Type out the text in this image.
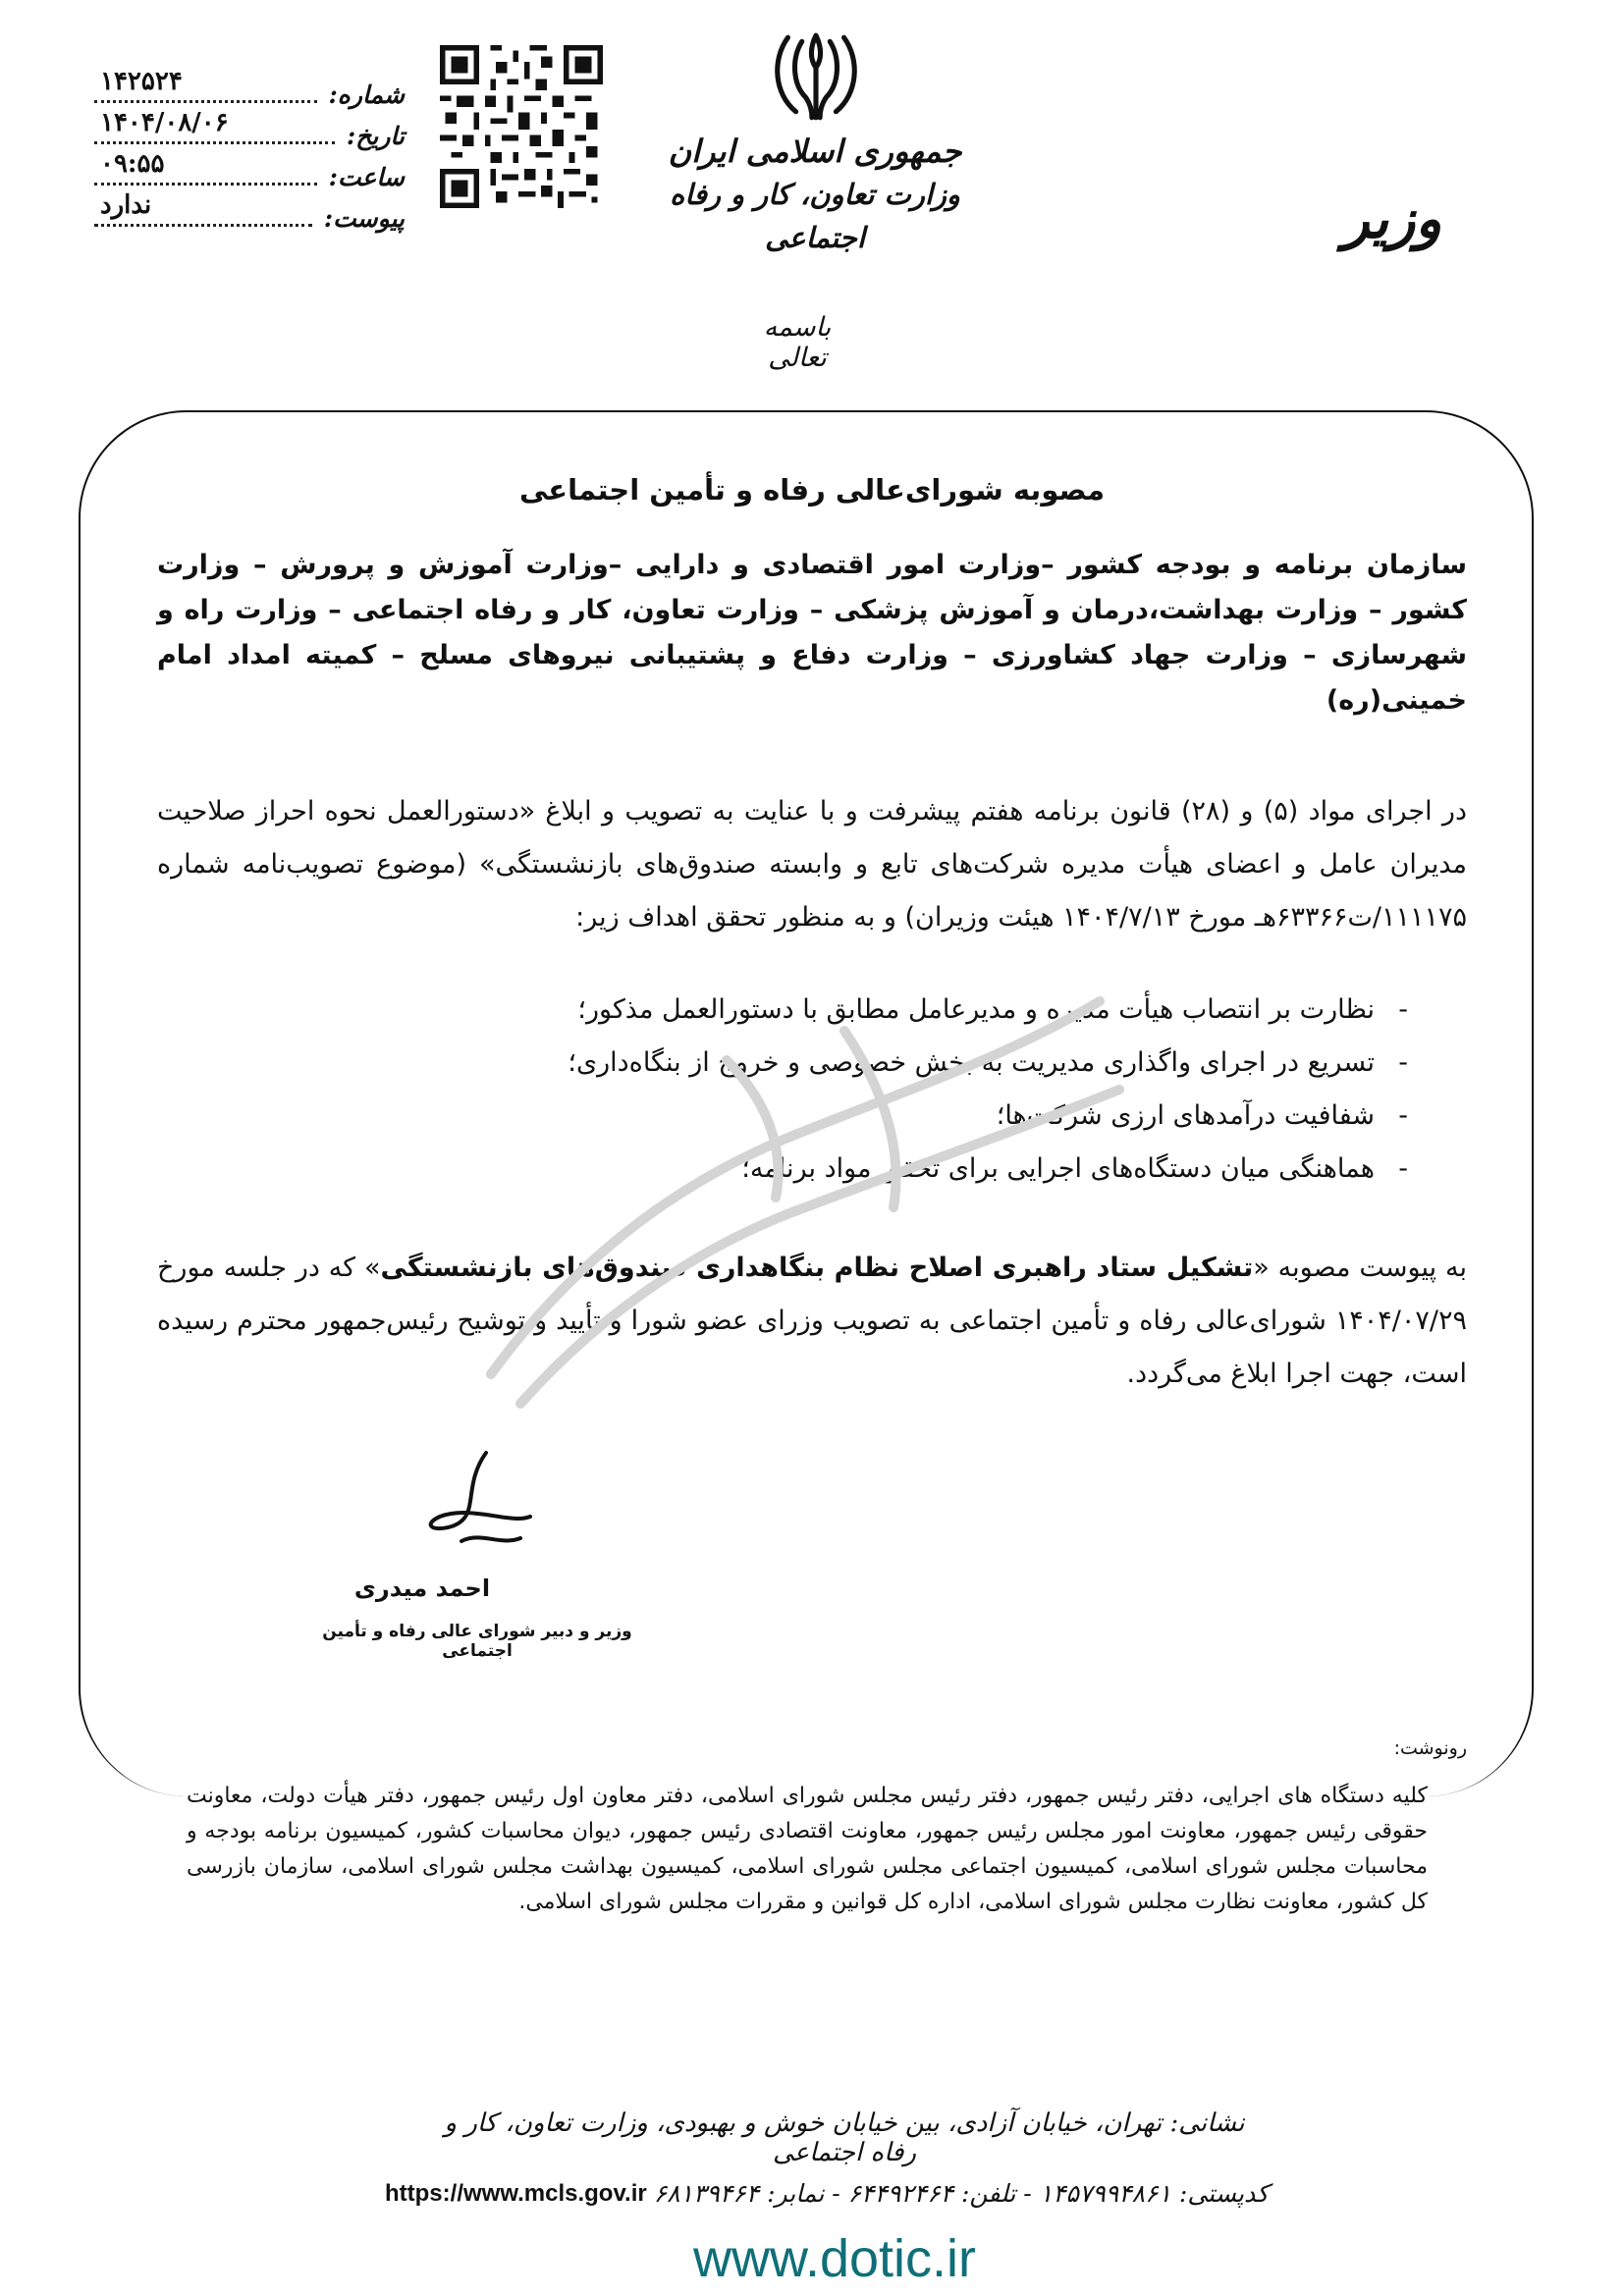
شماره:
۱۴۲۵۲۴
تاریخ:
۱۴۰۴/۰۸/۰۶
ساعت:
۰۹:۵۵
پیوست:
ندارد
جمهوری اسلامی ایران
وزارت تعاون، کار و رفاه اجتماعی	وزیر
باسمه تعالی
مصوبه شورای‌عالی رفاه و تأمین اجتماعی
سازمان برنامه و بودجه کشور –وزارت امور اقتصادی و دارایی –وزارت آموزش و پرورش – وزارت کشور – وزارت بهداشت،درمان و آموزش پزشکی – وزارت تعاون، کار و رفاه اجتماعی – وزارت راه و شهرسازی – وزارت جهاد کشاورزی – وزارت دفاع و پشتیبانی نیروهای مسلح – کمیته امداد امام خمینی(ره)
در اجرای مواد (۵) و (۲۸) قانون برنامه هفتم پیشرفت و با عنایت به تصویب و ابلاغ «دستورالعمل نحوه احراز صلاحیت مدیران عامل و اعضای هیأت مدیره شرکت‌های تابع و وابسته صندوق‌های بازنشستگی» (موضوع تصویب‌نامه شماره ۱۱۱۱۷۵/ت۶۳۳۶۶هـ مورخ ۱۴۰۴/۷/۱۳ هیئت وزیران) و به منظور تحقق اهداف زیر:
- نظارت بر انتصاب هیأت مدیره و مدیرعامل مطابق با دستورالعمل مذکور؛
- تسریع در اجرای واگذاری مدیریت به بخش خصوصی و خروج از بنگاه‌داری؛
- شفافیت درآمدهای ارزی شرکت‌ها؛
- هماهنگی میان دستگاه‌های اجرایی برای تحقق مواد برنامه؛
به پیوست مصوبه «تشکیل ستاد راهبری اصلاح نظام بنگاهداری صندوق‌های بازنشستگی» که در جلسه مورخ ۱۴۰۴/۰۷/۲۹ شورای‌عالی رفاه و تأمین اجتماعی به تصویب وزرای عضو شورا و تأیید و توشیح رئیس‌جمهور محترم رسیده است، جهت اجرا ابلاغ می‌گردد.
احمد میدری
وزیر و دبیر شورای عالی رفاه و تأمین اجتماعی
رونوشت:
کلیه دستگاه های اجرایی، دفتر رئیس جمهور، دفتر رئیس مجلس شورای اسلامی، دفتر معاون اول رئیس جمهور، دفتر هیأت دولت، معاونت حقوقی رئیس جمهور، معاونت امور مجلس رئیس جمهور، معاونت اقتصادی رئیس جمهور، دیوان محاسبات کشور، کمیسیون برنامه بودجه و محاسبات مجلس شورای اسلامی، کمیسیون اجتماعی مجلس شورای اسلامی، کمیسیون بهداشت مجلس شورای اسلامی، سازمان بازرسی کل کشور، معاونت نظارت مجلس شورای اسلامی، اداره کل قوانین و مقررات مجلس شورای اسلامی.
نشانی: تهران، خیابان آزادی، بین خیابان خوش و بهبودی، وزارت تعاون، کار و رفاه اجتماعی
https://www.mcls.gov.ir کدپستی: ۱۴۵۷۹۹۴۸۶۱ - تلفن: ۶۴۴۹۲۴۶۴ - نمابر: ۶۸۱۳۹۴۶۴
www.dotic.ir
